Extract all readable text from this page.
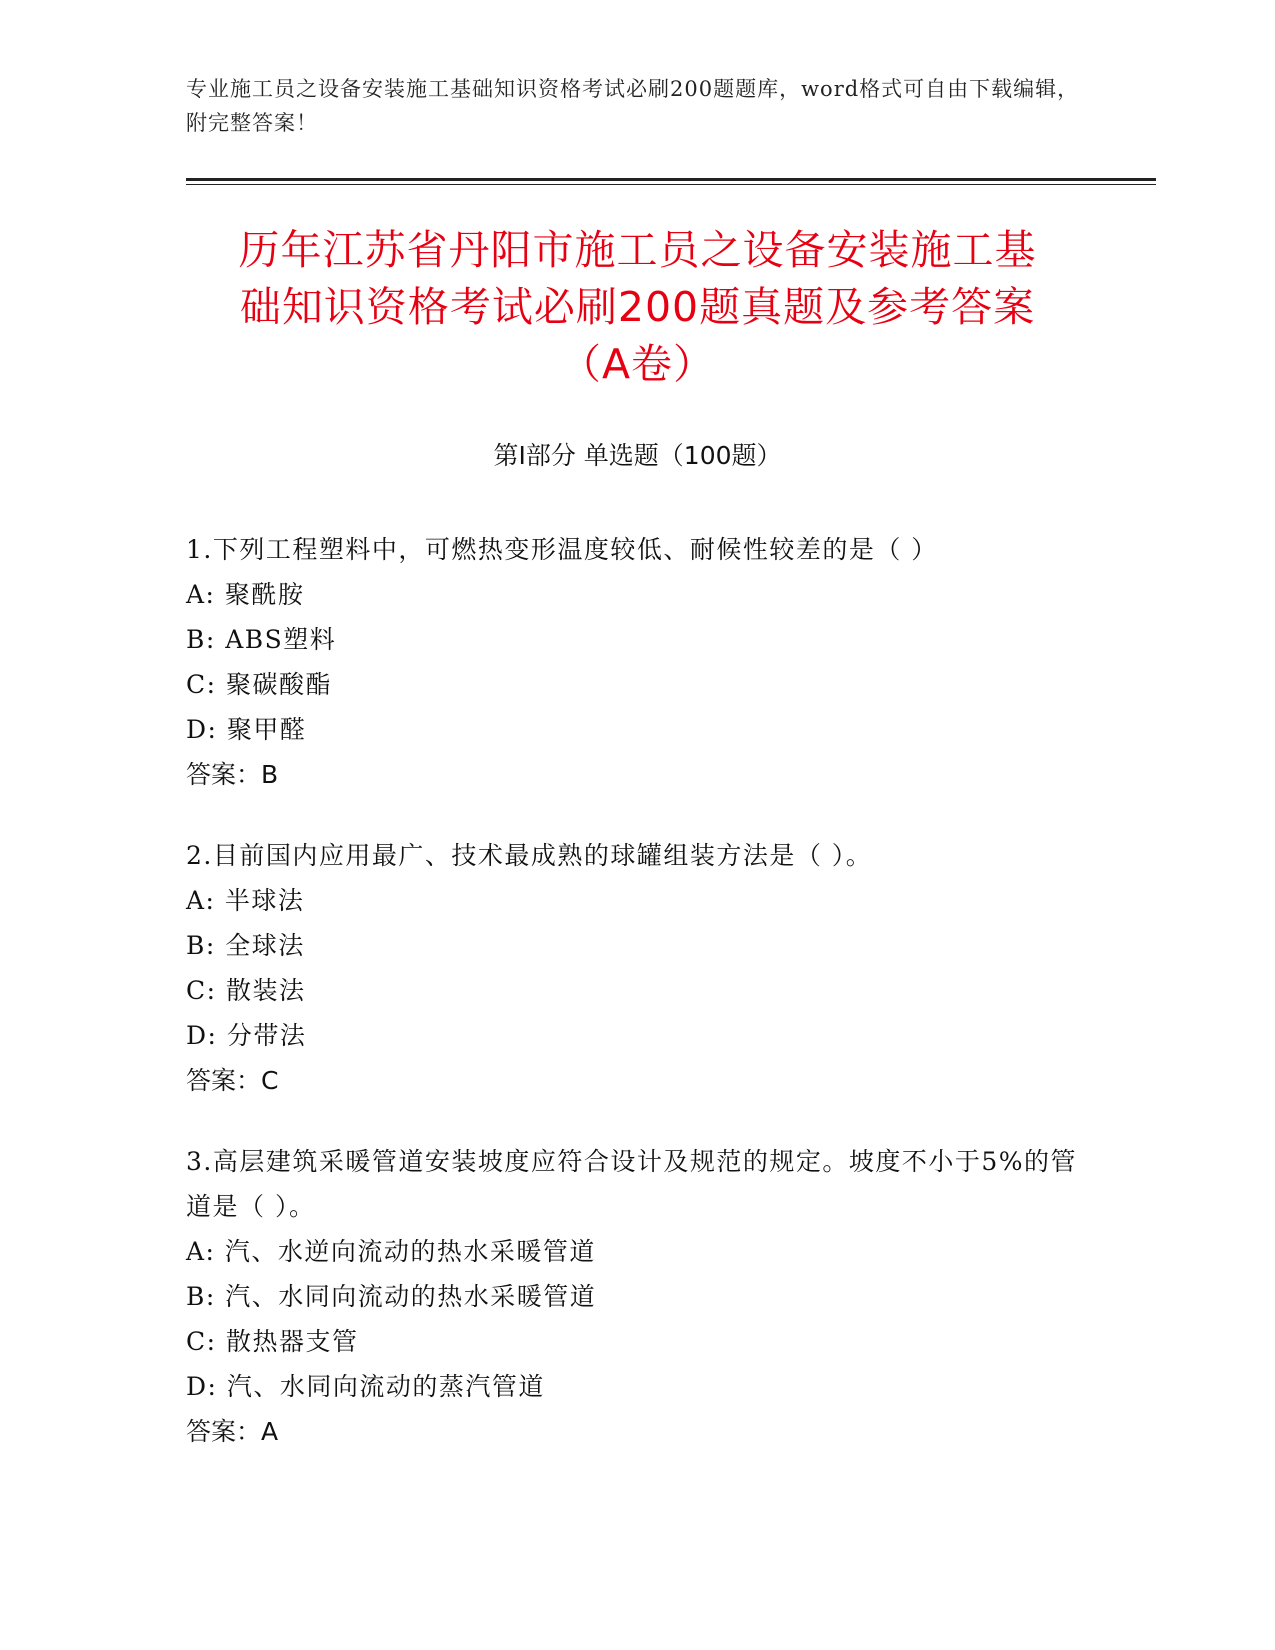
专业施工员之设备安装施工基础知识资格考试必刷200题题库，word格式可自由下载编辑，附完整答案！
历年江苏省丹阳市施工员之设备安装施工基
础知识资格考试必刷200题真题及参考答案
（A卷）
第Ⅰ部分 单选题（100题）
1.下列工程塑料中，可燃热变形温度较低、耐候性较差的是（ ）
A: 聚酰胺
B: ABS塑料
C: 聚碳酸酯
D: 聚甲醛
答案：B
2.目前国内应用最广、技术最成熟的球罐组装方法是（ ）。
A: 半球法
B: 全球法
C: 散装法
D: 分带法
答案：C
3.高层建筑采暖管道安装坡度应符合设计及规范的规定。坡度不小于5%的管道是（ ）。
A: 汽、水逆向流动的热水采暖管道
B: 汽、水同向流动的热水采暖管道
C: 散热器支管
D: 汽、水同向流动的蒸汽管道
答案：A
